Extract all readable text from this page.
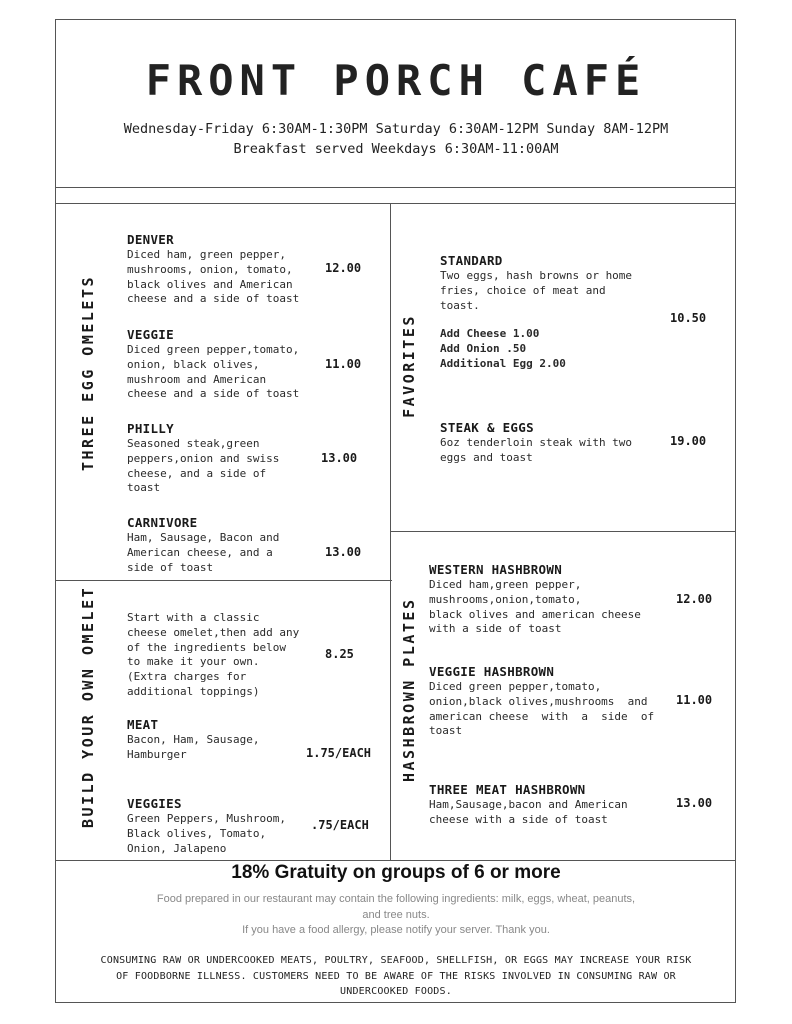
FRONT PORCH CAFÉ
Wednesday-Friday 6:30AM-1:30PM Saturday 6:30AM-12PM Sunday 8AM-12PM
Breakfast served Weekdays 6:30AM-11:00AM
THREE EGG OMELETS
BUILD YOUR OWN OMELET
FAVORITES
HASHBROWN PLATES
DENVER
Diced ham, green pepper,
mushrooms, onion, tomato,
black olives and American
cheese and a side of toast
12.00
VEGGIE
Diced green pepper,tomato,
onion, black olives,
mushroom and American
cheese and a side of toast
11.00
PHILLY
Seasoned steak,green
peppers,onion and swiss
cheese, and a side of
toast
13.00
CARNIVORE
Ham, Sausage, Bacon and
American cheese, and a
side of toast
13.00
Start with a classic
cheese omelet,then add any
of the ingredients below
to make it your own.
(Extra charges for
additional toppings)
8.25
MEAT
Bacon, Ham, Sausage,
Hamburger	1.75/EACH
VEGGIES
Green Peppers, Mushroom,
Black olives, Tomato,
Onion, Jalapeno
.75/EACH
STANDARD
Two eggs, hash browns or home
fries, choice of meat and
toast.
Add Cheese 1.00
Add Onion .50
Additional Egg 2.00
10.50
STEAK & EGGS
6oz tenderloin steak with two
eggs and toast
19.00
WESTERN HASHBROWN
Diced ham,green pepper,
mushrooms,onion,tomato,
black olives and american cheese
with a side of toast
12.00
VEGGIE HASHBROWN
Diced green pepper,tomato,
onion,black olives,mushrooms  and
american cheese  with  a  side  of
toast
11.00
THREE MEAT HASHBROWN
Ham,Sausage,bacon and American
cheese with a side of toast
13.00
18% Gratuity on groups of 6 or more
Food prepared in our restaurant may contain the following ingredients: milk, eggs, wheat, peanuts, and tree nuts.
If you have a food allergy, please notify your server. Thank you.
CONSUMING RAW OR UNDERCOOKED MEATS, POULTRY, SEAFOOD, SHELLFISH, OR EGGS MAY INCREASE YOUR RISK OF FOODBORNE ILLNESS. CUSTOMERS NEED TO BE AWARE OF THE RISKS INVOLVED IN CONSUMING RAW OR UNDERCOOKED FOODS.
